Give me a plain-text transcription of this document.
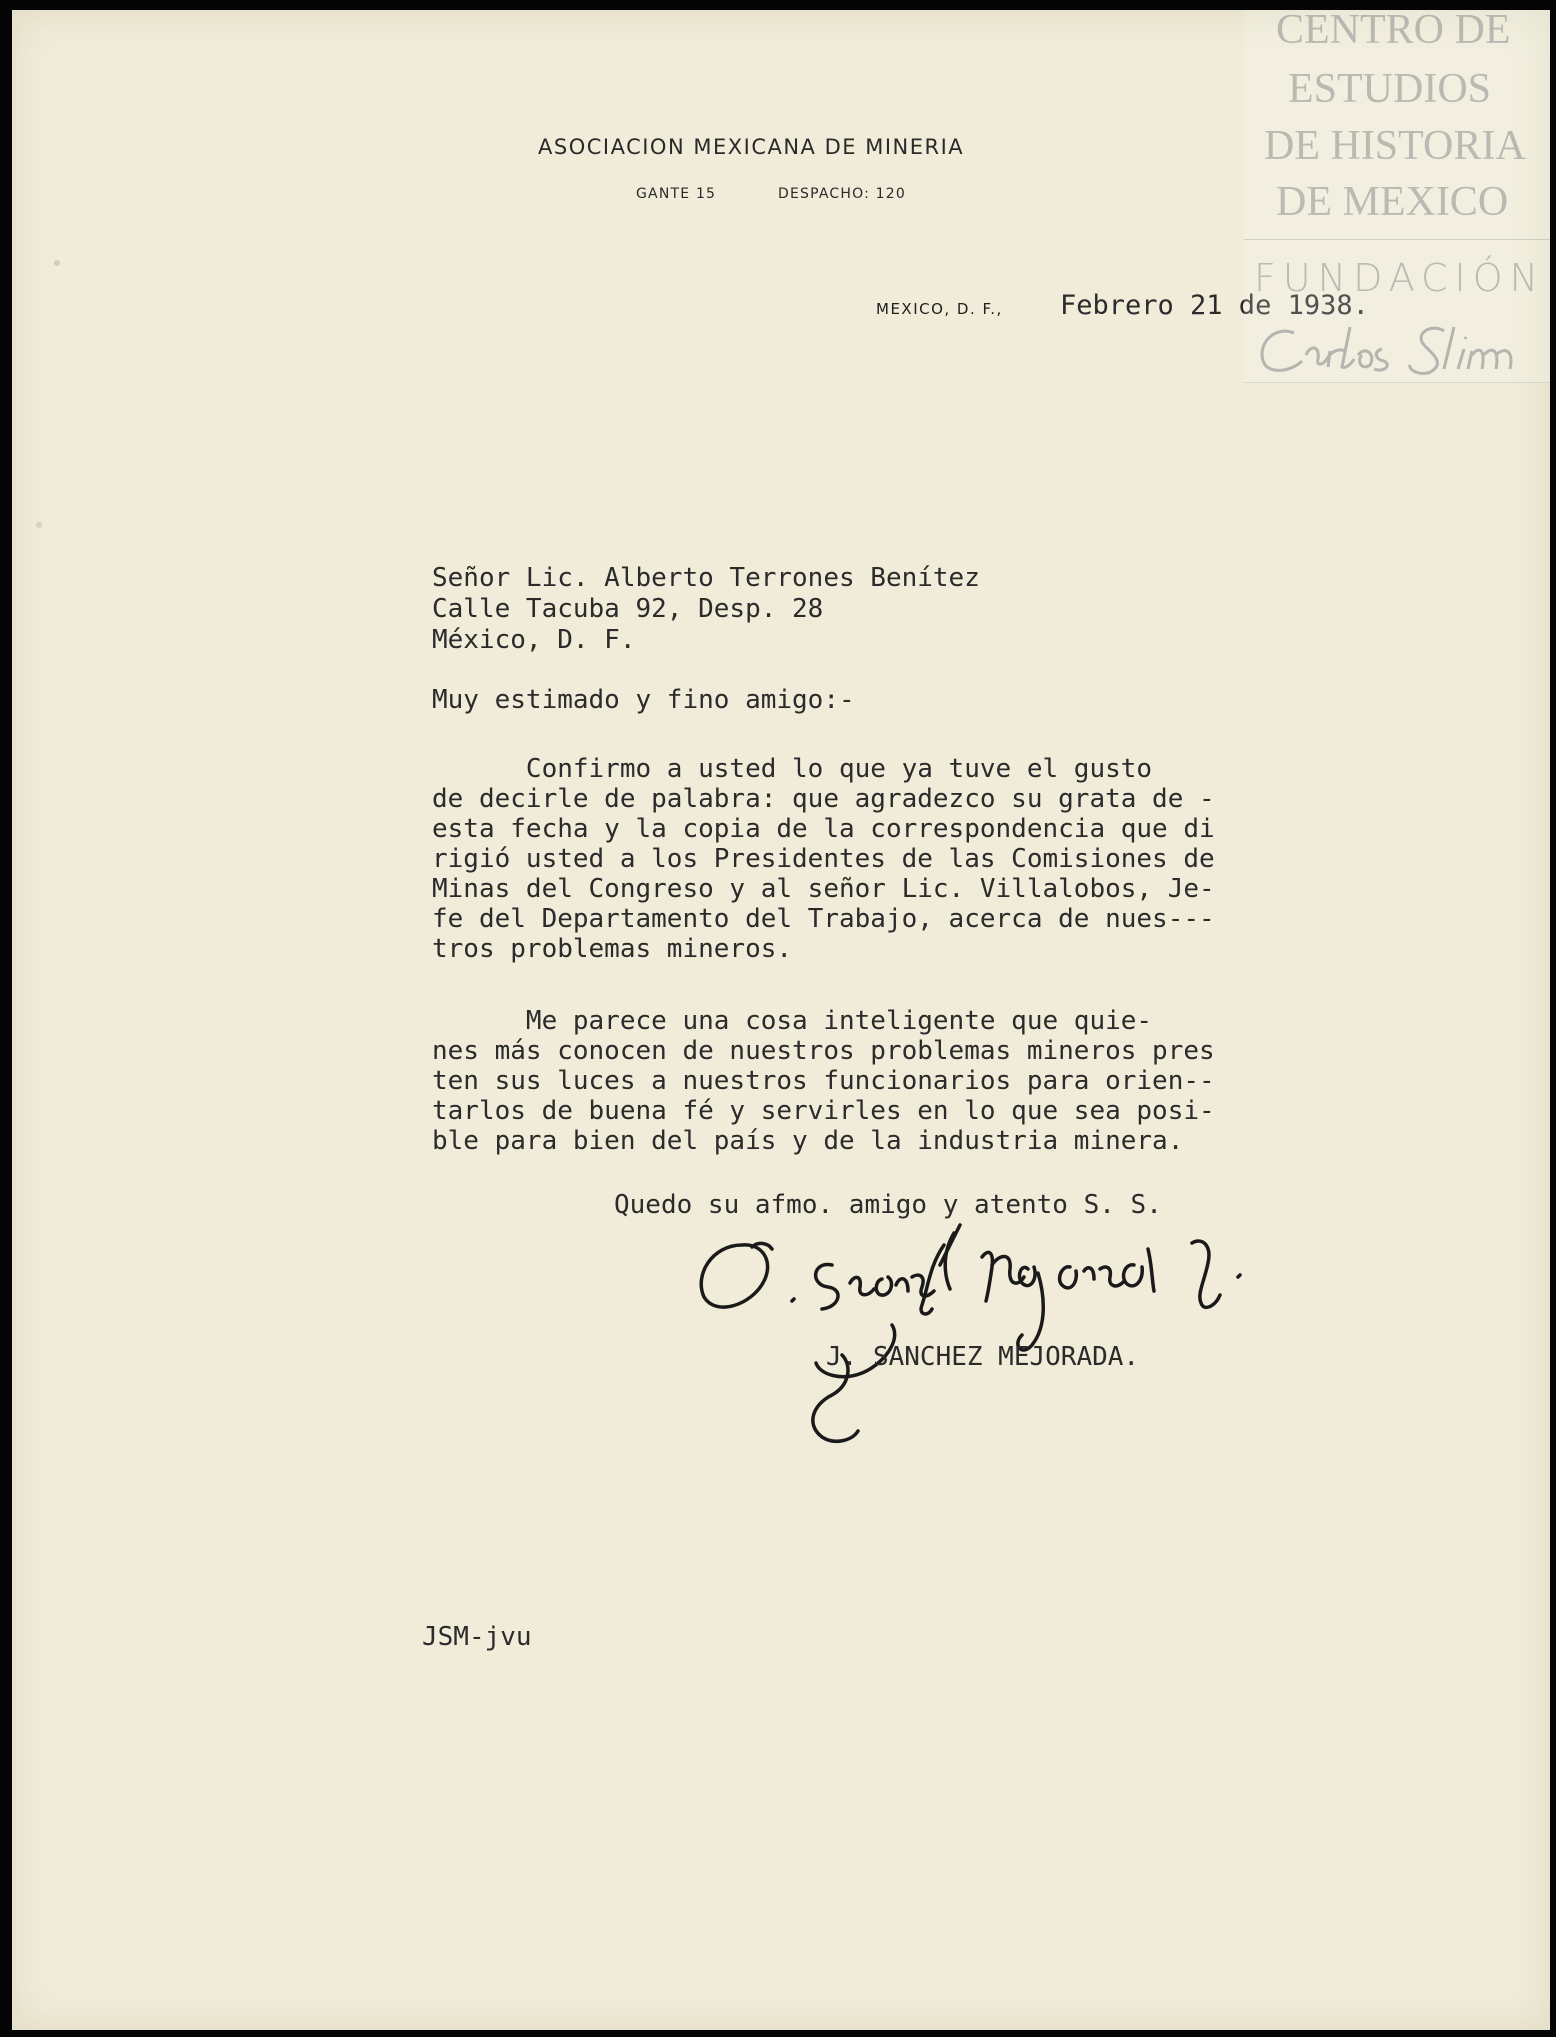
ASOCIACION MEXICANA DE MINERIA
GANTE 15	DESPACHO: 120
MEXICO, D. F., Febrero 21 de 1938.
CENTRO DE
ESTUDIOS
DE HISTORIA
DE MEXICO
FUNDACIÓN
Señor Lic. Alberto Terrones Benítez
Calle Tacuba 92, Desp. 28
México, D. F.
Muy estimado y fino amigo:-
Confirmo a usted lo que ya tuve el gusto
de decirle de palabra: que agradezco su grata de -
esta fecha y la copia de la correspondencia que di
rigió usted a los Presidentes de las Comisiones de
Minas del Congreso y al señor Lic. Villalobos, Je-
fe del Departamento del Trabajo, acerca de nues---
tros problemas mineros.
Me parece una cosa inteligente que quie-
nes más conocen de nuestros problemas mineros pres
ten sus luces a nuestros funcionarios para orien--
tarlos de buena fé y servirles en lo que sea posi-
ble para bien del país y de la industria minera.
Quedo su afmo. amigo y atento S. S.
J. SANCHEZ MEJORADA.
JSM-jvu
